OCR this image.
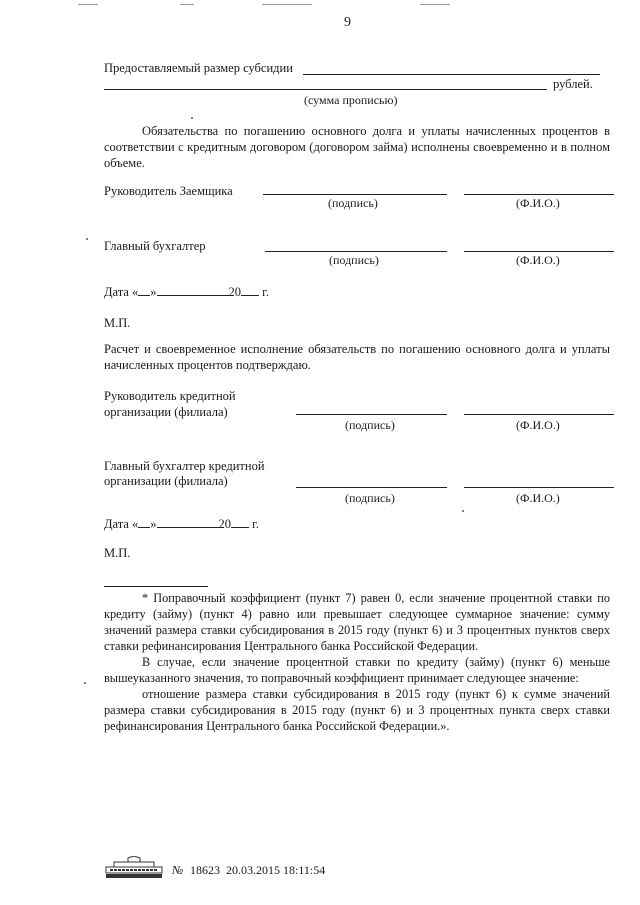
9
Предоставляемый размер субсидии
рублей.
(сумма прописью)
Обязательства по погашению основного долга и уплаты начисленных процентов в соответствии с кредитным договором (договором займа) исполнены своевременно и в полном объеме.
Руководитель Заемщика
(подпись)	(Ф.И.О.)
Главный бухгалтер
(подпись)	(Ф.И.О.)
Дата « »	20 г.
М.П.
Расчет и своевременное исполнение обязательств по погашению основного долга и уплаты начисленных процентов подтверждаю.
Руководитель кредитной
организации (филиала)
(подпись)	(Ф.И.О.)
Главный бухгалтер кредитной
организации (филиала)
(подпись)	(Ф.И.О.)
Дата « »	20 г.
М.П.
* Поправочный коэффициент (пункт 7) равен 0, если значение процентной ставки по кредиту (займу) (пункт 4) равно или превышает следующее суммарное значение: сумму значений размера ставки субсидирования в 2015 году (пункт 6) и 3 процентных пунктов сверх ставки рефинансирования Центрального банка Российской Федерации.
В случае, если значение процентной ставки по кредиту (займу) (пункт 6) меньше вышеуказанного значения, то поправочный коэффициент принимает следующее значение:
отношение размера ставки субсидирования в 2015 году (пункт 6) к сумме значений размера ставки субсидирования в 2015 году (пункт 6) и 3 процентных пункта сверх ставки рефинансирования Центрального банка Российской Федерации.».
№ 18623 20.03.2015 18:11:54
